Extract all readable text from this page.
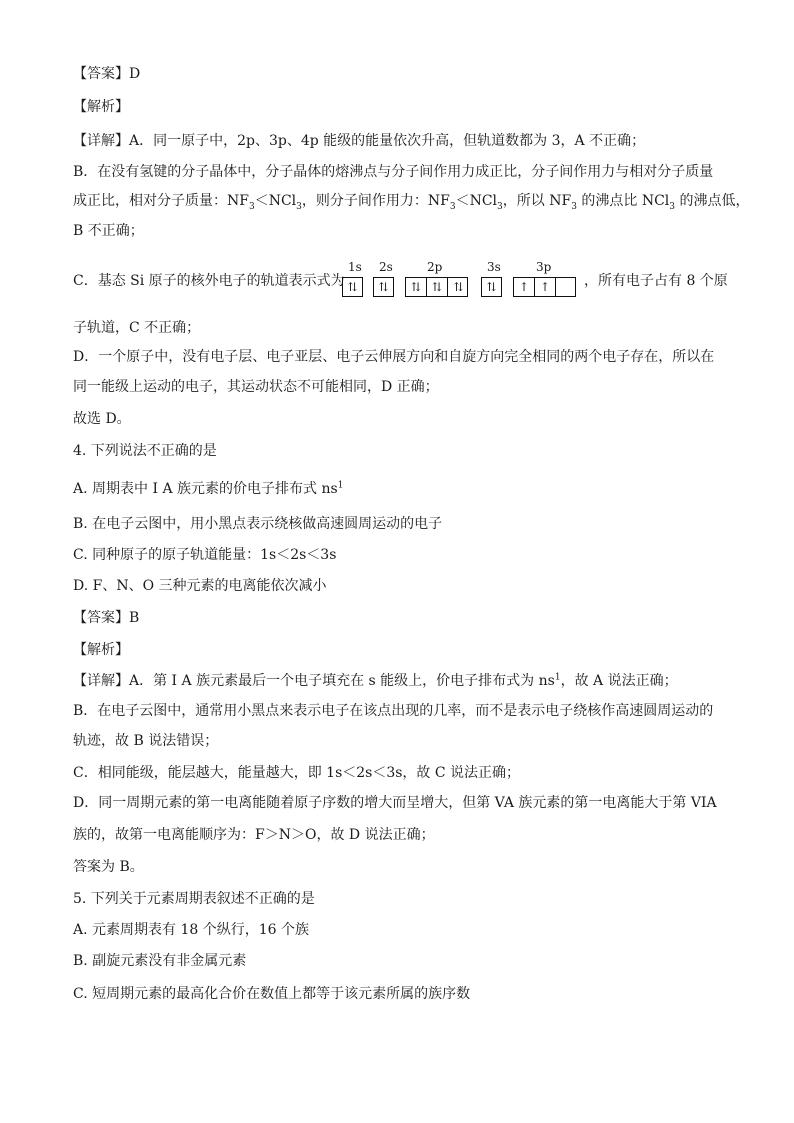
【答案】D
【解析】
【详解】A．同一原子中，2p、3p、4p 能级的能量依次升高，但轨道数都为 3，A 不正确；
B．在没有氢键的分子晶体中，分子晶体的熔沸点与分子间作用力成正比，分子间作用力与相对分子质量
成正比，相对分子质量：$NF_3<NCl_3$，则分子间作用力：$NF_3<NCl_3$，所以 $NF_3$ 的沸点比 NCl$_3$ 的沸点低，
B 不正确；
C．基态 Si 原子的核外电子的轨道表示式为
1s 2s	2p	3s	3p
⇅	⇅	⇅ ⇅ ⇅	⇅	↑ ↑	，所有电子占有 8 个原
子轨道，C 不正确；
D．一个原子中，没有电子层、电子亚层、电子云伸展方向和自旋方向完全相同的两个电子存在，所以在
同一能级上运动的电子，其运动状态不可能相同，D 正确；
故选 D。
4. 下列说法不正确的是
A. 周期表中 I A 族元素的价电子排布式 $ns^1$
B. 在电子云图中，用小黑点表示绕核做高速圆周运动的电子
C. 同种原子的原子轨道能量：1s＜2s＜3s
D. F、N、O 三种元素的电离能依次减小
【答案】B
【解析】
【详解】A．第 I A 族元素最后一个电子填充在 s 能级上，价电子排布式为 $ns^1$，故 A 说法正确；
B．在电子云图中，通常用小黑点来表示电子在该点出现的几率，而不是表示电子绕核作高速圆周运动的
轨迹，故 B 说法错误；
C．相同能级，能层越大，能量越大，即 1s＜2s＜3s，故 C 说法正确；
D．同一周期元素的第一电离能随着原子序数的增大而呈增大，但第 VA 族元素的第一电离能大于第 VIA
族的，故第一电离能顺序为：F＞N＞O，故 D 说法正确；
答案为 B。
5. 下列关于元素周期表叙述不正确的是
A. 元素周期表有 18 个纵行，16 个族
B. 副旋元素没有非金属元素
C. 短周期元素的最高化合价在数值上都等于该元素所属的族序数
